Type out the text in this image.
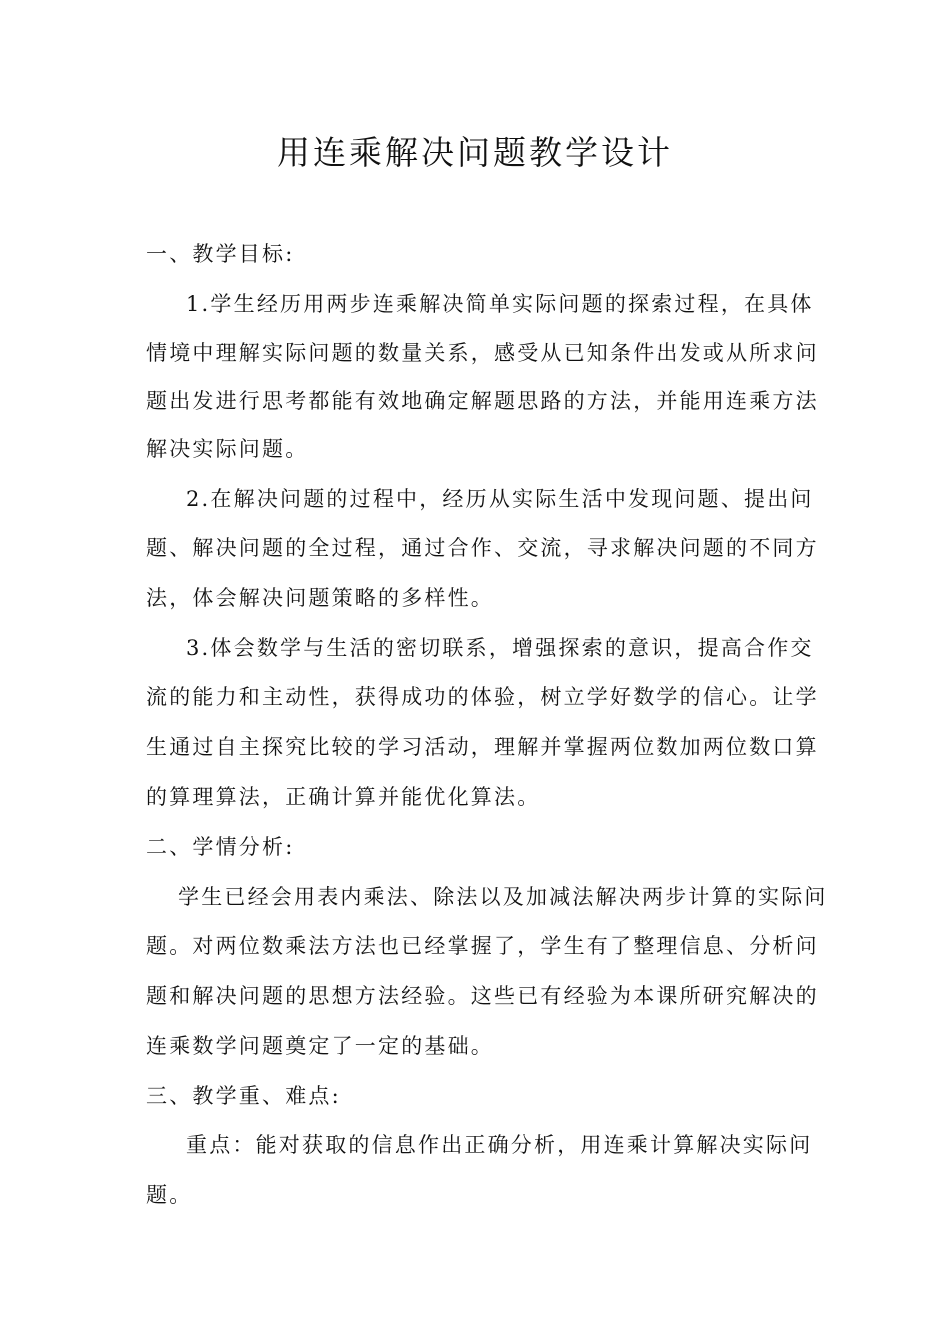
用连乘解决问题教学设计
一、教学目标:
1.学生经历用两步连乘解决简单实际问题的探索过程，在具体
情境中理解实际问题的数量关系，感受从已知条件出发或从所求问
题出发进行思考都能有效地确定解题思路的方法，并能用连乘方法
解决实际问题。
2.在解决问题的过程中，经历从实际生活中发现问题、提出问
题、解决问题的全过程，通过合作、交流，寻求解决问题的不同方
法，体会解决问题策略的多样性。
3.体会数学与生活的密切联系，增强探索的意识，提高合作交
流的能力和主动性，获得成功的体验，树立学好数学的信心。让学
生通过自主探究比较的学习活动，理解并掌握两位数加两位数口算
的算理算法，正确计算并能优化算法。
二、学情分析:
学生已经会用表内乘法、除法以及加减法解决两步计算的实际问
题。对两位数乘法方法也已经掌握了，学生有了整理信息、分析问
题和解决问题的思想方法经验。这些已有经验为本课所研究解决的
连乘数学问题奠定了一定的基础。
三、教学重、难点:
重点：能对获取的信息作出正确分析，用连乘计算解决实际问
题。
